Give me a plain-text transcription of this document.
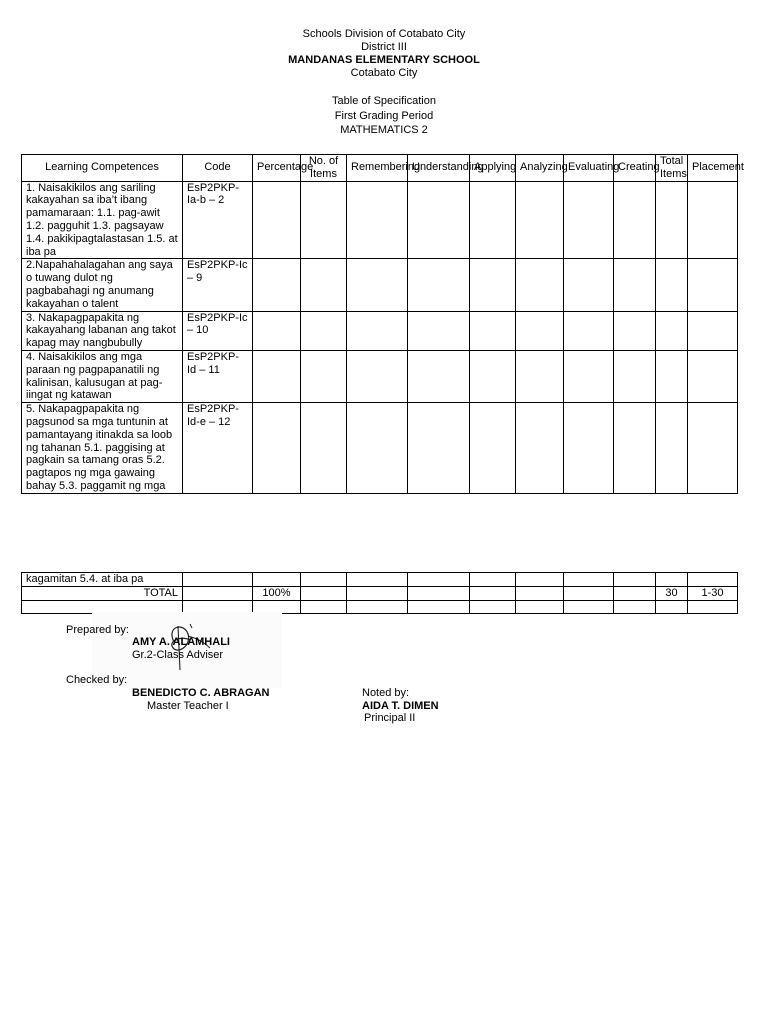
Schools Division of Cotabato City
District III
MANDANAS ELEMENTARY SCHOOL
Cotabato City
Table of Specification
First Grading Period
MATHEMATICS 2
Learning Competences	Code	Percentage	No. of Items	Remembering	Understanding	Applying	Analyzing	Evaluating	Creating	Total Items	Placement
1. Naisakikilos ang sariling kakayahan sa iba’t ibang pamamaraan: 1.1. pag-awit 1.2. pagguhit 1.3. pagsayaw 1.4. pakikipagtalastasan 1.5. at iba pa	EsP2PKP-Ia-b – 2										
2.Napahahalagahan ang saya o tuwang dulot ng pagbabahagi ng anumang kakayahan o talent	EsP2PKP-Ic – 9										
3. Nakapagpapakita ng kakayahang labanan ang takot kapag may nangbubully	EsP2PKP-Ic – 10										
4. Naisakikilos ang mga paraan ng pagpapanatili ng kalinisan, kalusugan at pag-iingat ng katawan	EsP2PKP-Id – 11										
5. Nakapagpapakita ng pagsunod sa mga tuntunin at pamantayang itinakda sa loob ng tahanan 5.1. paggising at pagkain sa tamang oras 5.2. pagtapos ng mga gawaing bahay 5.3. paggamit ng mga	EsP2PKP-Id-e – 12										
kagamitan 5.4. at iba pa											
TOTAL		100%								30	1-30

Prepared by:
AMY A. ALAMHALI
Gr.2-Class Adviser
Checked by:
BENEDICTO C. ABRAGAN
Master Teacher I
Noted by:
AIDA T. DIMEN
Principal II
